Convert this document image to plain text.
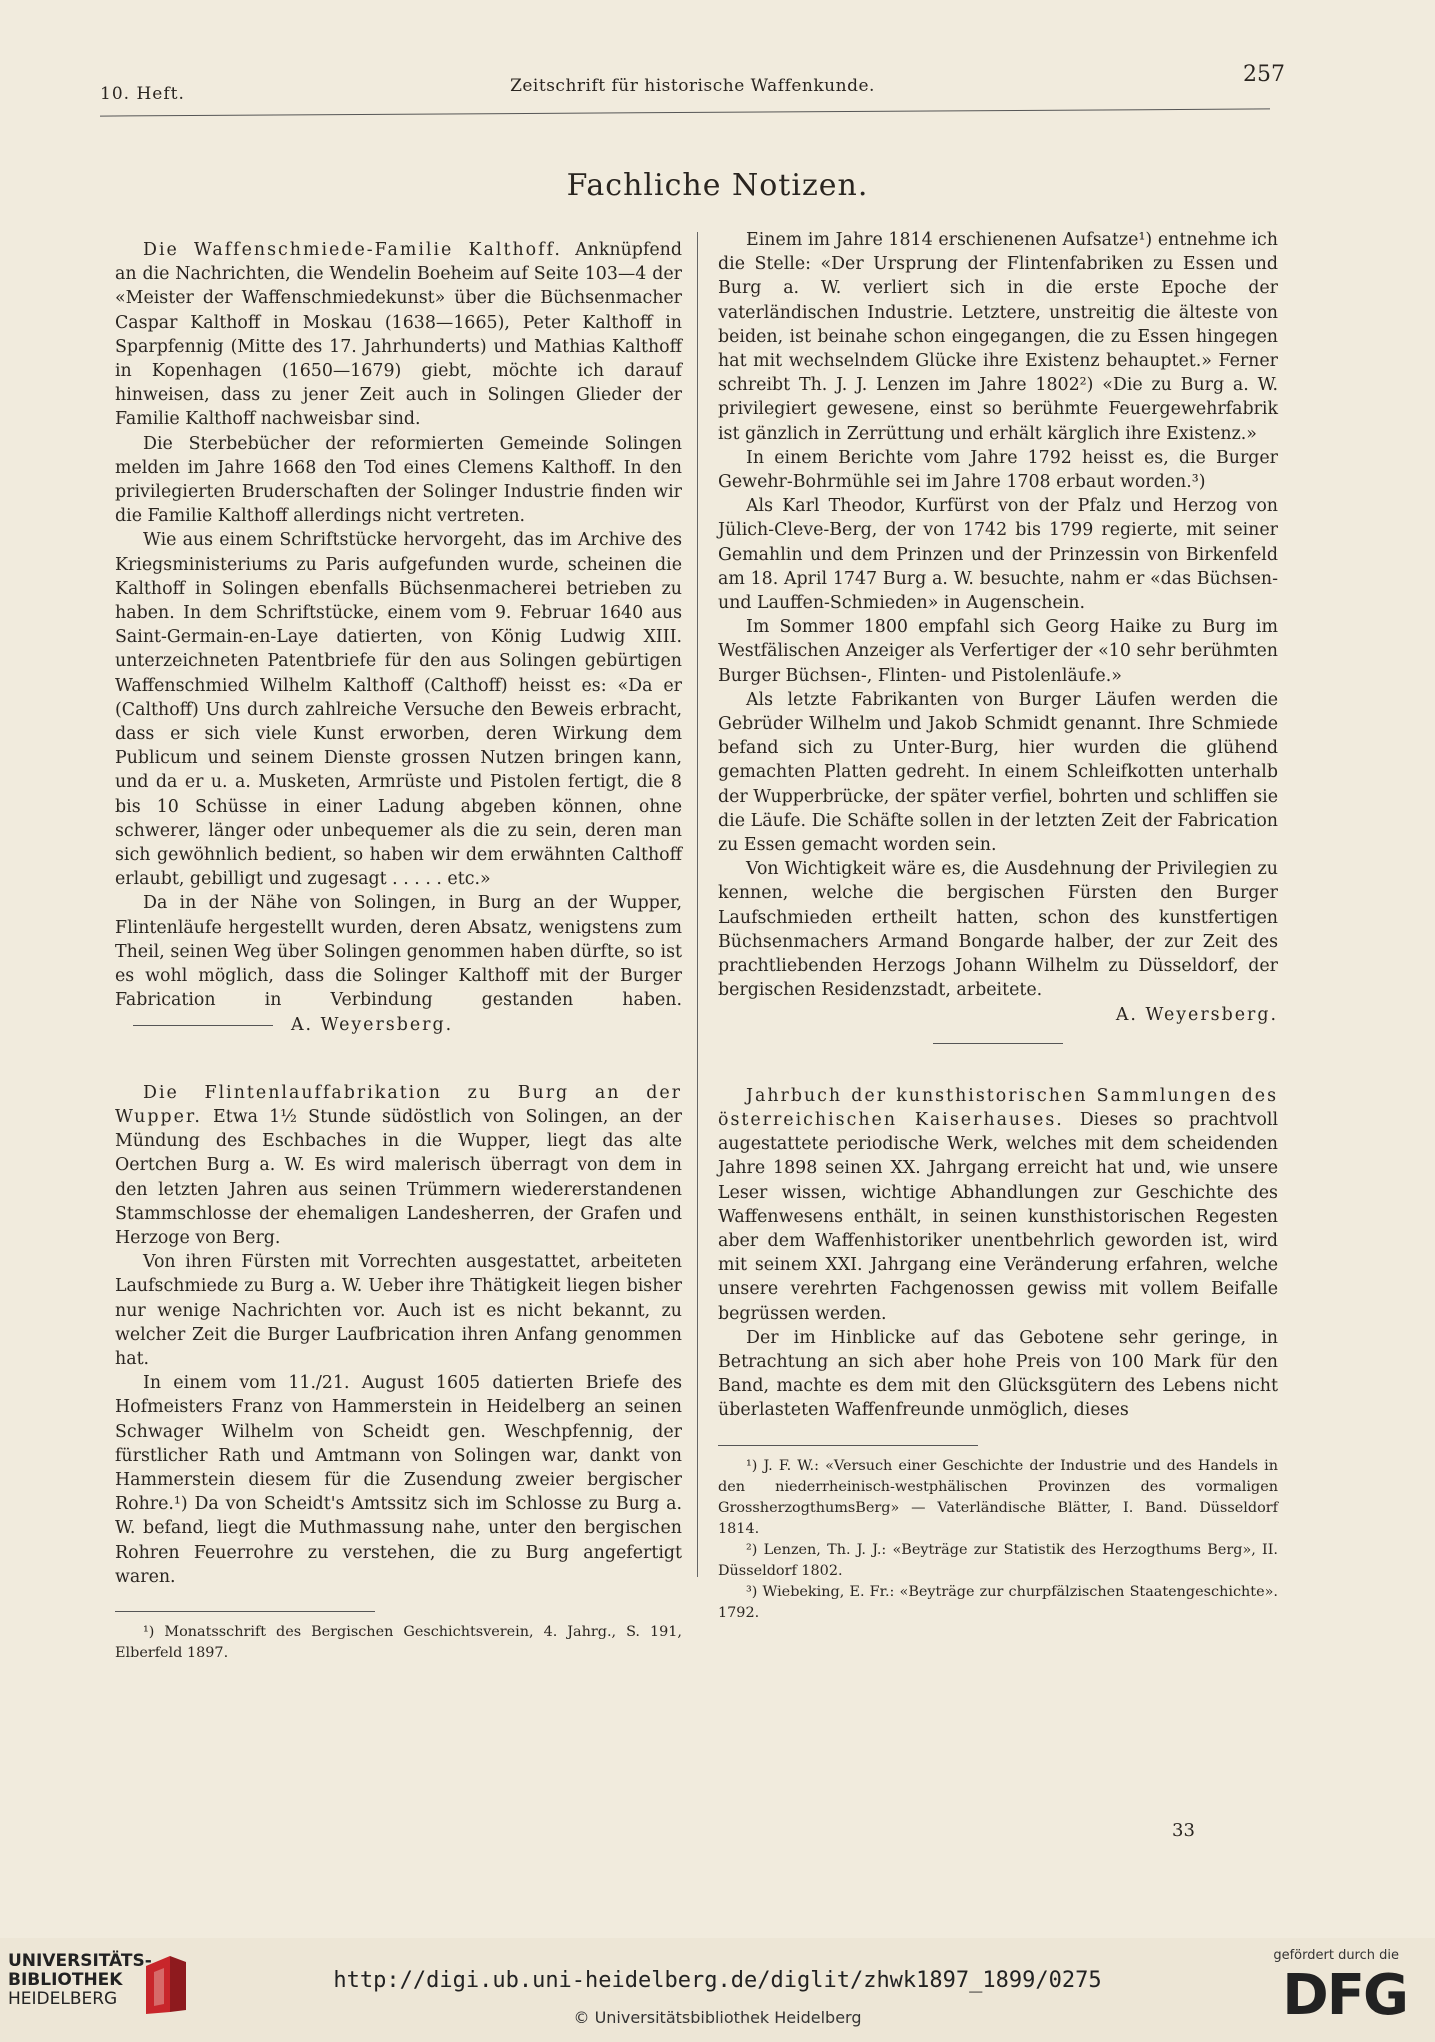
10. Heft.	Zeitschrift für historische Waffenkunde.	257
Fachliche Notizen.

Die Waffenschmiede-Familie Kalthoff. Anknüpfend an die Nachrichten, die Wendelin Boeheim auf Seite 103—4 der «Meister der Waffenschmiedekunst» über die Büchsenmacher Caspar Kalthoff in Moskau (1638—1665), Peter Kalthoff in Sparpfennig (Mitte des 17. Jahrhunderts) und Mathias Kalthoff in Kopenhagen (1650—1679) giebt, möchte ich darauf hinweisen, dass zu jener Zeit auch in Solingen Glieder der Familie Kalthoff nachweisbar sind.

Die Sterbebücher der reformierten Gemeinde Solingen melden im Jahre 1668 den Tod eines Clemens Kalthoff. In den privilegierten Bruderschaften der Solinger Industrie finden wir die Familie Kalthoff allerdings nicht vertreten.

Wie aus einem Schriftstücke hervorgeht, das im Archive des Kriegsministeriums zu Paris aufgefunden wurde, scheinen die Kalthoff in Solingen ebenfalls Büchsenmacherei betrieben zu haben. In dem Schriftstücke, einem vom 9. Februar 1640 aus Saint-Germain-en-Laye datierten, von König Ludwig XIII. unterzeichneten Patentbriefe für den aus Solingen gebürtigen Waffenschmied Wilhelm Kalthoff (Calthoff) heisst es: «Da er (Calthoff) Uns durch zahlreiche Versuche den Beweis erbracht, dass er sich viele Kunst erworben, deren Wirkung dem Publicum und seinem Dienste grossen Nutzen bringen kann, und da er u. a. Musketen, Armrüste und Pistolen fertigt, die 8 bis 10 Schüsse in einer Ladung abgeben können, ohne schwerer, länger oder unbequemer als die zu sein, deren man sich gewöhnlich bedient, so haben wir dem erwähnten Calthoff erlaubt, gebilligt und zugesagt . . . . . etc.»

Da in der Nähe von Solingen, in Burg an der Wupper, Flintenläufe hergestellt wurden, deren Absatz, wenigstens zum Theil, seinen Weg über Solingen genommen haben dürfte, so ist es wohl möglich, dass die Solinger Kalthoff mit der Burger Fabrication in Verbindung gestanden haben.A. Weyersberg.

Die Flintenlauffabrikation zu Burg an der Wupper. Etwa 1½ Stunde südöstlich von Solingen, an der Mündung des Eschbaches in die Wupper, liegt das alte Oertchen Burg a. W. Es wird malerisch überragt von dem in den letzten Jahren aus seinen Trümmern wiedererstandenen Stammschlosse der ehemaligen Landesherren, der Grafen und Herzoge von Berg.

Von ihren Fürsten mit Vorrechten ausgestattet, arbeiteten Laufschmiede zu Burg a. W. Ueber ihre Thätigkeit liegen bisher nur wenige Nachrichten vor. Auch ist es nicht bekannt, zu welcher Zeit die Burger Laufbrication ihren Anfang genommen hat.

In einem vom 11./21. August 1605 datierten Briefe des Hofmeisters Franz von Hammerstein in Heidelberg an seinen Schwager Wilhelm von Scheidt gen. Weschpfennig, der fürstlicher Rath und Amtmann von Solingen war, dankt von Hammerstein diesem für die Zusendung zweier bergischer Rohre.¹) Da von Scheidt's Amtssitz sich im Schlosse zu Burg a. W. befand, liegt die Muthmassung nahe, unter den bergischen Rohren Feuerrohre zu verstehen, die zu Burg angefertigt waren.

¹) Monatsschrift des Bergischen Geschichtsverein, 4. Jahrg., S. 191, Elberfeld 1897.

Einem im Jahre 1814 erschienenen Aufsatze¹) entnehme ich die Stelle: «Der Ursprung der Flintenfabriken zu Essen und Burg a. W. verliert sich in die erste Epoche der vaterländischen Industrie. Letztere, unstreitig die älteste von beiden, ist beinahe schon eingegangen, die zu Essen hingegen hat mit wechselndem Glücke ihre Existenz behauptet.» Ferner schreibt Th. J. J. Lenzen im Jahre 1802²) «Die zu Burg a. W. privilegiert gewesene, einst so berühmte Feuergewehrfabrik ist gänzlich in Zerrüttung und erhält kärglich ihre Existenz.»

In einem Berichte vom Jahre 1792 heisst es, die Burger Gewehr-Bohrmühle sei im Jahre 1708 erbaut worden.³)

Als Karl Theodor, Kurfürst von der Pfalz und Herzog von Jülich-Cleve-Berg, der von 1742 bis 1799 regierte, mit seiner Gemahlin und dem Prinzen und der Prinzessin von Birkenfeld am 18. April 1747 Burg a. W. besuchte, nahm er «das Büchsen- und Lauffen-Schmieden» in Augenschein.

Im Sommer 1800 empfahl sich Georg Haike zu Burg im Westfälischen Anzeiger als Verfertiger der «10 sehr berühmten Burger Büchsen-, Flinten- und Pistolenläufe.»

Als letzte Fabrikanten von Burger Läufen werden die Gebrüder Wilhelm und Jakob Schmidt genannt. Ihre Schmiede befand sich zu Unter-Burg, hier wurden die glühend gemachten Platten gedreht. In einem Schleifkotten unterhalb der Wupperbrücke, der später verfiel, bohrten und schliffen sie die Läufe. Die Schäfte sollen in der letzten Zeit der Fabrication zu Essen gemacht worden sein.

Von Wichtigkeit wäre es, die Ausdehnung der Privilegien zu kennen, welche die bergischen Fürsten den Burger Laufschmieden ertheilt hatten, schon des kunstfertigen Büchsenmachers Armand Bongarde halber, der zur Zeit des prachtliebenden Herzogs Johann Wilhelm zu Düsseldorf, der bergischen Residenzstadt, arbeitete.

A. Weyersberg.

Jahrbuch der kunsthistorischen Sammlungen des österreichischen Kaiserhauses. Dieses so prachtvoll augestattete periodische Werk, welches mit dem scheidenden Jahre 1898 seinen XX. Jahrgang erreicht hat und, wie unsere Leser wissen, wichtige Abhandlungen zur Geschichte des Waffenwesens enthält, in seinen kunsthistorischen Regesten aber dem Waffenhistoriker unentbehrlich geworden ist, wird mit seinem XXI. Jahrgang eine Veränderung erfahren, welche unsere verehrten Fachgenossen gewiss mit vollem Beifalle begrüssen werden.

Der im Hinblicke auf das Gebotene sehr geringe, in Betrachtung an sich aber hohe Preis von 100 Mark für den Band, machte es dem mit den Glücksgütern des Lebens nicht überlasteten Waffenfreunde unmöglich, dieses

¹) J. F. W.: «Versuch einer Geschichte der Industrie und des Handels in den niederrheinisch-westphälischen Provinzen des vormaligen GrossherzogthumsBerg» — Vaterländische Blätter, I. Band. Düsseldorf 1814.

²) Lenzen, Th. J. J.: «Beyträge zur Statistik des Herzogthums Berg», II. Düsseldorf 1802.

³) Wiebeking, E. Fr.: «Beyträge zur churpfälzischen Staatengeschichte». 1792.

33
UNIVERSITÄTS-
BIBLIOTHEK
HEIDELBERG
http://digi.ub.uni-heidelberg.de/diglit/zhwk1897_1899/0275
© Universitätsbibliothek Heidelberg
gefördert durch die
DFG
